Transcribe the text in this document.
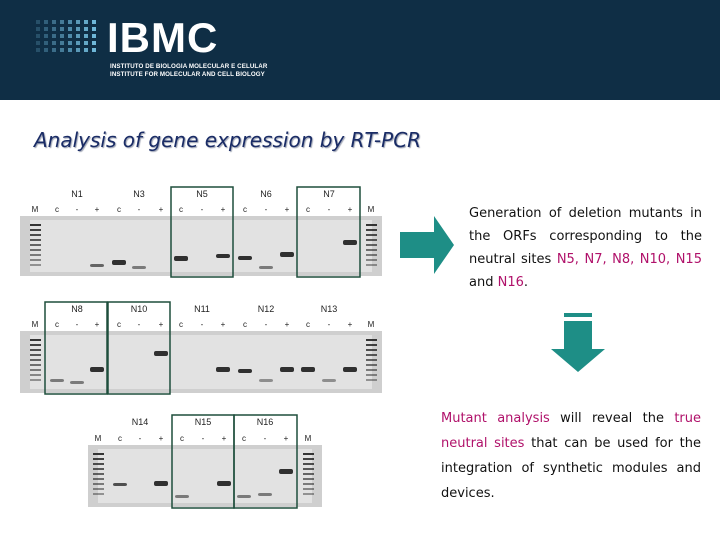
IBMC
INSTITUTO DE BIOLOGIA MOLECULAR E CELULAR
INSTITUTE FOR MOLECULAR AND CELL BIOLOGY
Analysis of gene expression by RT-PCR
N1	N3	N5	N6	N7
M c - + c - + c - + c - + c - + M
N8	N10	N11	N12	N13
M c - + c - + c - + c - + c - + M
N14	N15	N16
M c - + c - + c - + M
Generation of deletion mutants in the ORFs corresponding to the neutral sites N5, N7, N8, N10, N15 and N16.
Mutant analysis will reveal the true neutral sites that can be used for the integration of synthetic modules and devices.
